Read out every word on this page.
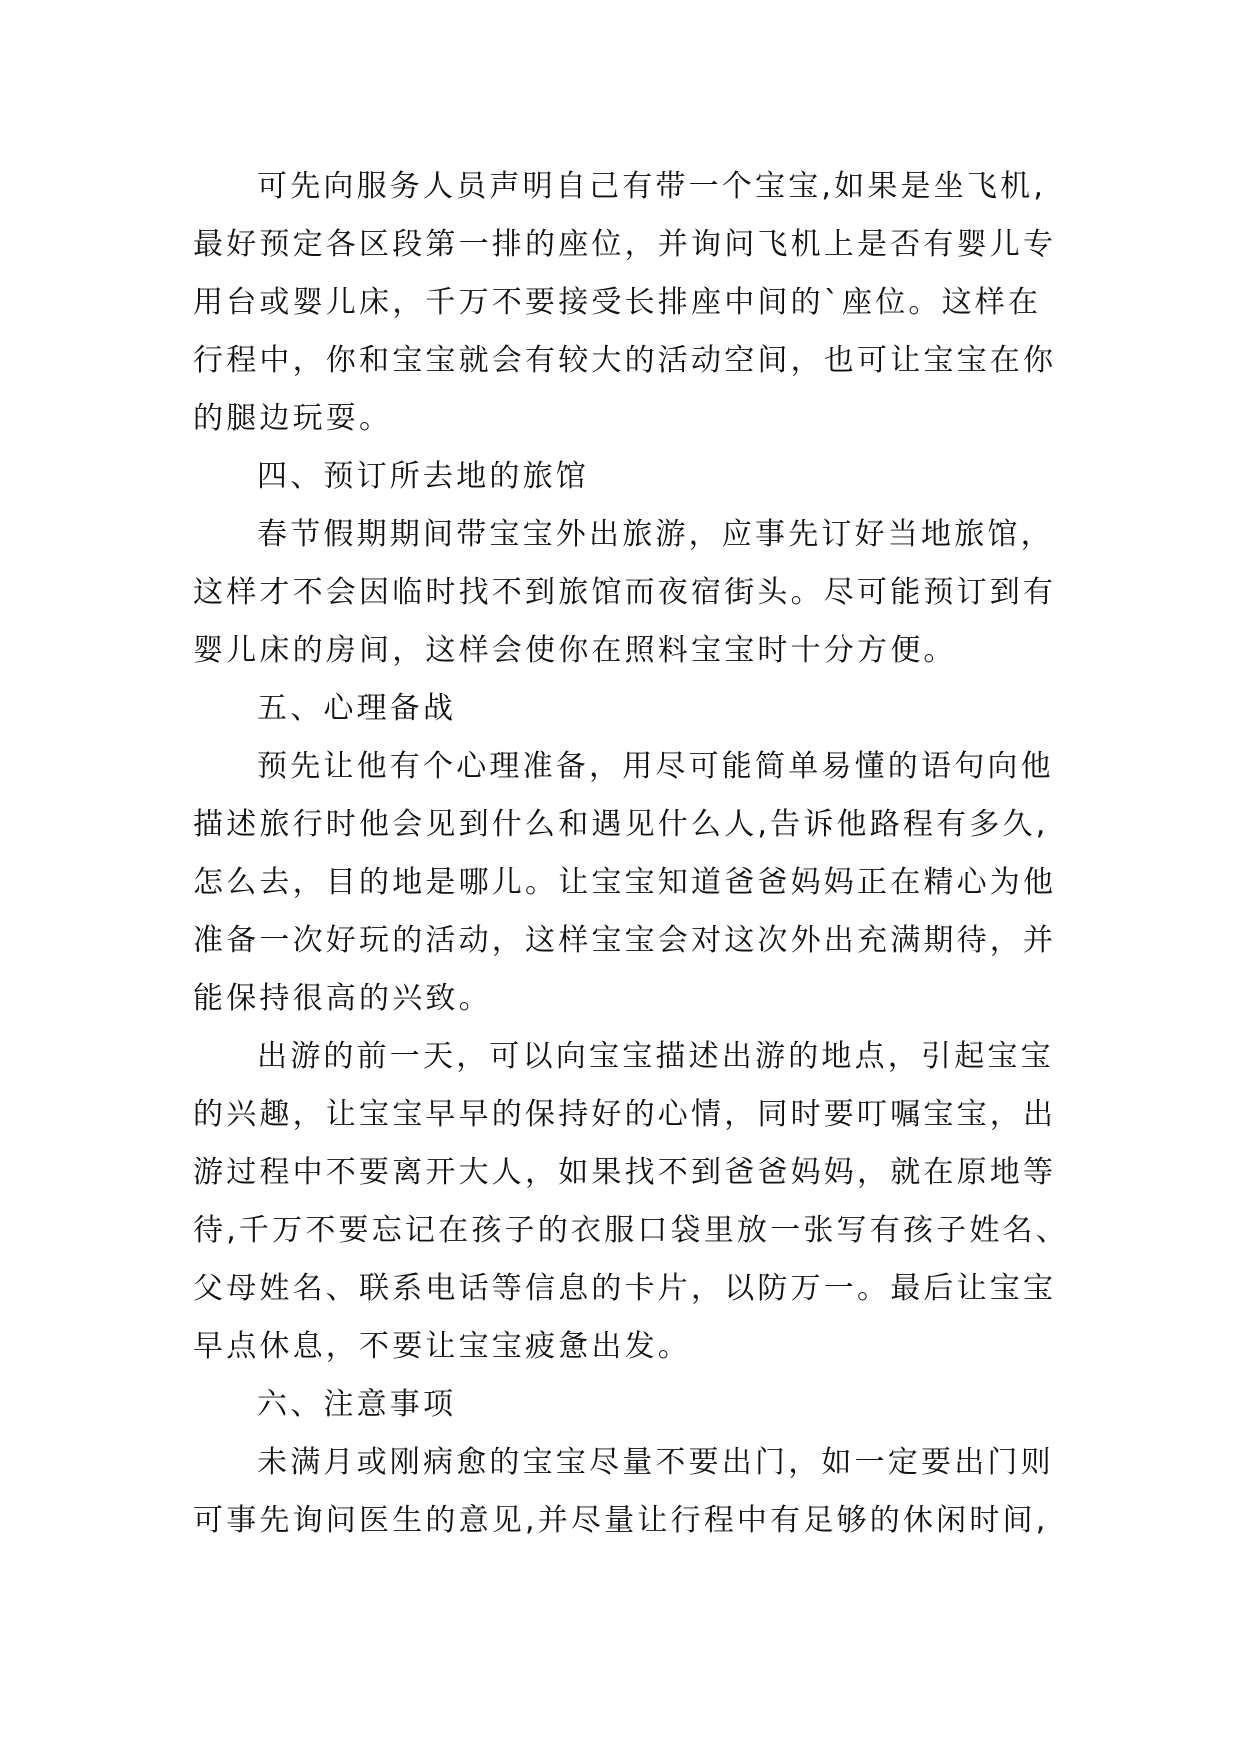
可先向服务人员声明自己有带一个宝宝,如果是坐飞机,
最好预定各区段第一排的座位，并询问飞机上是否有婴儿专
用台或婴儿床，千万不要接受长排座中间的`座位。这样在
行程中，你和宝宝就会有较大的活动空间，也可让宝宝在你
的腿边玩耍。
四、预订所去地的旅馆
春节假期期间带宝宝外出旅游，应事先订好当地旅馆，
这样才不会因临时找不到旅馆而夜宿街头。尽可能预订到有
婴儿床的房间，这样会使你在照料宝宝时十分方便。
五、心理备战
预先让他有个心理准备，用尽可能简单易懂的语句向他
描述旅行时他会见到什么和遇见什么人,告诉他路程有多久,
怎么去，目的地是哪儿。让宝宝知道爸爸妈妈正在精心为他
准备一次好玩的活动，这样宝宝会对这次外出充满期待，并
能保持很高的兴致。
出游的前一天，可以向宝宝描述出游的地点，引起宝宝
的兴趣，让宝宝早早的保持好的心情，同时要叮嘱宝宝，出
游过程中不要离开大人，如果找不到爸爸妈妈，就在原地等
待,千万不要忘记在孩子的衣服口袋里放一张写有孩子姓名、
父母姓名、联系电话等信息的卡片，以防万一。最后让宝宝
早点休息，不要让宝宝疲惫出发。
六、注意事项
未满月或刚病愈的宝宝尽量不要出门，如一定要出门则
可事先询问医生的意见,并尽量让行程中有足够的休闲时间,
